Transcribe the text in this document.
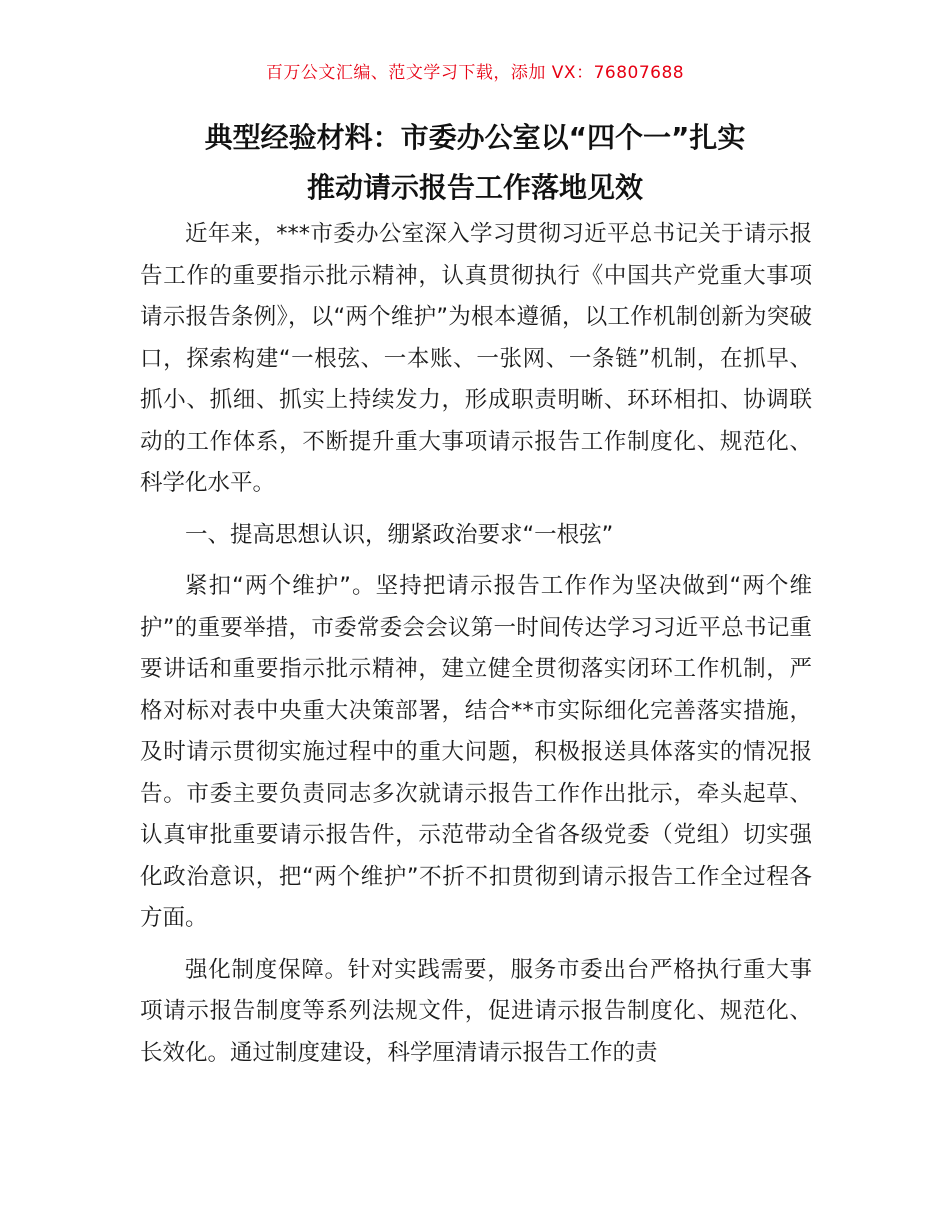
百万公文汇编、范文学习下载，添加 VX：76807688
典型经验材料：市委办公室以“四个一”扎实
推动请示报告工作落地见效

近年来，***市委办公室深入学习贯彻习近平总书记关于请示报告工作的重要指示批示精神，认真贯彻执行《中国共产党重大事项请示报告条例》，以“两个维护”为根本遵循，以工作机制创新为突破口，探索构建“一根弦、一本账、一张网、一条链”机制，在抓早、抓小、抓细、抓实上持续发力，形成职责明晰、环环相扣、协调联动的工作体系，不断提升重大事项请示报告工作制度化、规范化、科学化水平。

一、提高思想认识，绷紧政治要求“一根弦”

紧扣“两个维护”。坚持把请示报告工作作为坚决做到“两个维护”的重要举措，市委常委会会议第一时间传达学习习近平总书记重要讲话和重要指示批示精神，建立健全贯彻落实闭环工作机制，严格对标对表中央重大决策部署，结合**市实际细化完善落实措施，及时请示贯彻实施过程中的重大问题，积极报送具体落实的情况报告。市委主要负责同志多次就请示报告工作作出批示，牵头起草、认真审批重要请示报告件，示范带动全省各级党委（党组）切实强化政治意识，把“两个维护”不折不扣贯彻到请示报告工作全过程各方面。

强化制度保障。针对实践需要，服务市委出台严格执行重大事项请示报告制度等系列法规文件，促进请示报告制度化、规范化、长效化。通过制度建设，科学厘清请示报告工作的责
